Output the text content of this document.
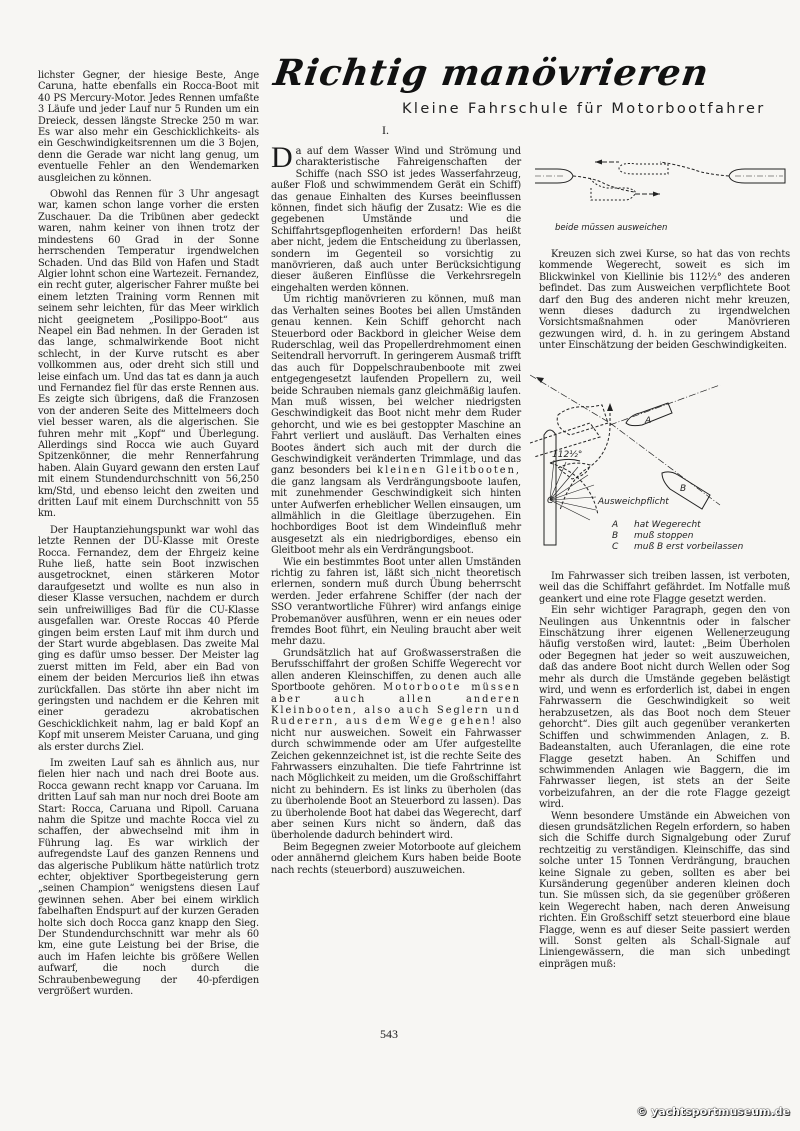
Richtig manövrieren
Kleine Fahrschule für Motorbootfahrer
I.

lichster Gegner, der hiesige Beste, Ange Caruna, hatte ebenfalls ein Rocca-Boot mit 40 PS Mercury-Motor. Jedes Rennen umfaßte 3 Läufe und jeder Lauf nur 5 Runden um ein Dreieck, dessen längste Strecke 250 m war. Es war also mehr ein Geschicklichkeits- als ein Geschwindigkeitsrennen um die 3 Bojen, denn die Gerade war nicht lang genug, um eventuelle Fehler an den Wendemarken ausgleichen zu können.

Obwohl das Rennen für 3 Uhr angesagt war, kamen schon lange vorher die ersten Zuschauer. Da die Tribünen aber gedeckt waren, nahm keiner von ihnen trotz der mindestens 60 Grad in der Sonne herrschenden Temperatur irgendwelchen Schaden. Und das Bild von Hafen und Stadt Algier lohnt schon eine Wartezeit. Fernandez, ein recht guter, algerischer Fahrer mußte bei einem letzten Training vorm Rennen mit seinem sehr leichten, für das Meer wirklich nicht geeignetem „Posilippo-Boot“ aus Neapel ein Bad nehmen. In der Geraden ist das lange, schmalwirkende Boot nicht schlecht, in der Kurve rutscht es aber vollkommen aus, oder dreht sich still und leise einfach um. Und das tat es dann ja auch und Fernandez fiel für das erste Rennen aus. Es zeigte sich übrigens, daß die Franzosen von der anderen Seite des Mittelmeers doch viel besser waren, als die algerischen. Sie fuhren mehr mit „Kopf“ und Überlegung. Allerdings sind Rocca wie auch Guyard Spitzenkönner, die mehr Rennerfahrung haben. Alain Guyard gewann den ersten Lauf mit einem Stundendurchschnitt von 56,250 km/Std, und ebenso leicht den zweiten und dritten Lauf mit einem Durchschnitt von 55 km.

Der Hauptanziehungspunkt war wohl das letzte Rennen der DU-Klasse mit Oreste Rocca. Fernandez, dem der Ehrgeiz keine Ruhe ließ, hatte sein Boot inzwischen ausgetrocknet, einen stärkeren Motor daraufgesetzt und wollte es nun also in dieser Klasse versuchen, nachdem er durch sein unfreiwilliges Bad für die CU-Klasse ausgefallen war. Oreste Roccas 40 Pferde gingen beim ersten Lauf mit ihm durch und der Start wurde abgeblasen. Das zweite Mal ging es dafür umso besser. Der Meister lag zuerst mitten im Feld, aber ein Bad von einem der beiden Mercurios ließ ihn etwas zurückfallen. Das störte ihn aber nicht im geringsten und nachdem er die Kehren mit einer geradezu akrobatischen Geschicklichkeit nahm, lag er bald Kopf an Kopf mit unserem Meister Caruana, und ging als erster durchs Ziel.

Im zweiten Lauf sah es ähnlich aus, nur fielen hier nach und nach drei Boote aus. Rocca gewann recht knapp vor Caruana. Im dritten Lauf sah man nur noch drei Boote am Start: Rocca, Caruana und Ripoll. Caruana nahm die Spitze und machte Rocca viel zu schaffen, der abwechselnd mit ihm in Führung lag. Es war wirklich der aufregendste Lauf des ganzen Rennens und das algerische Publikum hätte natürlich trotz echter, objektiver Sportbegeisterung gern „seinen Champion“ wenigstens diesen Lauf gewinnen sehen. Aber bei einem wirklich fabelhaften Endspurt auf der kurzen Geraden holte sich doch Rocca ganz knapp den Sieg. Der Stundendurchschnitt war mehr als 60 km, eine gute Leistung bei der Brise, die auch im Hafen leichte bis größere Wellen aufwarf, die noch durch die Schraubenbewegung der 40-pferdigen vergrößert wurden.

Da auf dem Wasser Wind und Strömung und charakteristische Fahreigenschaften der Schiffe (nach SSO ist jedes Wasserfahrzeug, außer Floß und schwimmendem Gerät ein Schiff) das genaue Einhalten des Kurses beeinflussen können, findet sich häufig der Zusatz: Wie es die gegebenen Umstände und die Schiffahrtsgepflogenheiten erfordern! Das heißt aber nicht, jedem die Entscheidung zu überlassen, sondern im Gegenteil so vorsichtig zu manövrieren, daß auch unter Berücksichtigung dieser äußeren Einflüsse die Verkehrsregeln eingehalten werden können.

Um richtig manövrieren zu können, muß man das Verhalten seines Bootes bei allen Umständen genau kennen. Kein Schiff gehorcht nach Steuerbord oder Backbord in gleicher Weise dem Ruderschlag, weil das Propellerdrehmoment einen Seitendrall hervorruft. In geringerem Ausmaß trifft das auch für Doppelschraubenboote mit zwei entgegengesetzt laufenden Propellern zu, weil beide Schrauben niemals ganz gleichmäßig laufen. Man muß wissen, bei welcher niedrigsten Geschwindigkeit das Boot nicht mehr dem Ruder gehorcht, und wie es bei gestoppter Maschine an Fahrt verliert und ausläuft. Das Verhalten eines Bootes ändert sich auch mit der durch die Geschwindigkeit veränderten Trimmlage, und das ganz besonders bei kleinen Gleitbooten, die ganz langsam als Verdrängungsboote laufen, mit zunehmender Geschwindigkeit sich hinten unter Aufwerfen erheblicher Wellen einsaugen, um allmählich in die Gleitlage überzugehen. Ein hochbordiges Boot ist dem Windeinfluß mehr ausgesetzt als ein niedrigbordiges, ebenso ein Gleitboot mehr als ein Verdrängungsboot.

Wie ein bestimmtes Boot unter allen Umständen richtig zu fahren ist, läßt sich nicht theoretisch erlernen, sondern muß durch Übung beherrscht werden. Jeder erfahrene Schiffer (der nach der SSO verantwortliche Führer) wird anfangs einige Probemanöver ausführen, wenn er ein neues oder fremdes Boot führt, ein Neuling braucht aber weit mehr dazu.

Grundsätzlich hat auf Großwasserstraßen die Berufsschiffahrt der großen Schiffe Wegerecht vor allen anderen Kleinschiffen, zu denen auch alle Sportboote gehören. Motorboote müssen aber auch allen anderen Kleinbooten, also auch Seglern und Ruderern, aus dem Wege gehen! also nicht nur ausweichen. Soweit ein Fahrwasser durch schwimmende oder am Ufer aufgestellte Zeichen gekennzeichnet ist, ist die rechte Seite des Fahrwassers einzuhalten. Die tiefe Fahrtrinne ist nach Möglichkeit zu meiden, um die Großschiffahrt nicht zu behindern. Es ist links zu überholen (das zu überholende Boot an Steuerbord zu lassen). Das zu überholende Boot hat dabei das Wegerecht, darf aber seinen Kurs nicht so ändern, daß das überholende dadurch behindert wird.

Beim Begegnen zweier Motorboote auf gleichem oder annähernd gleichem Kurs haben beide Boote nach rechts (steuerbord) auszuweichen.

beide müssen ausweichen

Kreuzen sich zwei Kurse, so hat das von rechts kommende Wegerecht, soweit es sich im Blickwinkel von Kiellinie bis 112½° des anderen befindet. Das zum Ausweichen verpflichtete Boot darf den Bug des anderen nicht mehr kreuzen, wenn dieses dadurch zu irgendwelchen Vorsichtsmaßnahmen oder Manövrieren gezwungen wird, d. h. in zu geringem Abstand unter Einschätzung der beiden Geschwindigkeiten.

A
B
C
112½°
Ausweichpflicht
A hat Wegerecht
B muß stoppen
C muß B erst vorbeilassen

Im Fahrwasser sich treiben lassen, ist verboten, weil das die Schiffahrt gefährdet. Im Notfalle muß geankert und eine rote Flagge gesetzt werden.

Ein sehr wichtiger Paragraph, gegen den von Neulingen aus Unkenntnis oder in falscher Einschätzung ihrer eigenen Wellenerzeugung häufig verstoßen wird, lautet: „Beim Überholen oder Begegnen hat jeder so weit auszuweichen, daß das andere Boot nicht durch Wellen oder Sog mehr als durch die Umstände gegeben belästigt wird, und wenn es erforderlich ist, dabei in engen Fahrwassern die Geschwindigkeit so weit herabzusetzen, als das Boot noch dem Steuer gehorcht“. Dies gilt auch gegenüber verankerten Schiffen und schwimmenden Anlagen, z. B. Badeanstalten, auch Uferanlagen, die eine rote Flagge gesetzt haben. An Schiffen und schwimmenden Anlagen wie Baggern, die im Fahrwasser liegen, ist stets an der Seite vorbeizufahren, an der die rote Flagge gezeigt wird.

Wenn besondere Umstände ein Abweichen von diesen grundsätzlichen Regeln erfordern, so haben sich die Schiffe durch Signalgebung oder Zuruf rechtzeitig zu verständigen. Kleinschiffe, das sind solche unter 15 Tonnen Verdrängung, brauchen keine Signale zu geben, sollten es aber bei Kursänderung gegenüber anderen kleinen doch tun. Sie müssen sich, da sie gegenüber größeren kein Wegerecht haben, nach deren Anweisung richten. Ein Großschiff setzt steuerbord eine blaue Flagge, wenn es auf dieser Seite passiert werden will. Sonst gelten als Schall-Signale auf Liniengewässern, die man sich unbedingt einprägen muß:

543
© yachtsportmuseum.de
